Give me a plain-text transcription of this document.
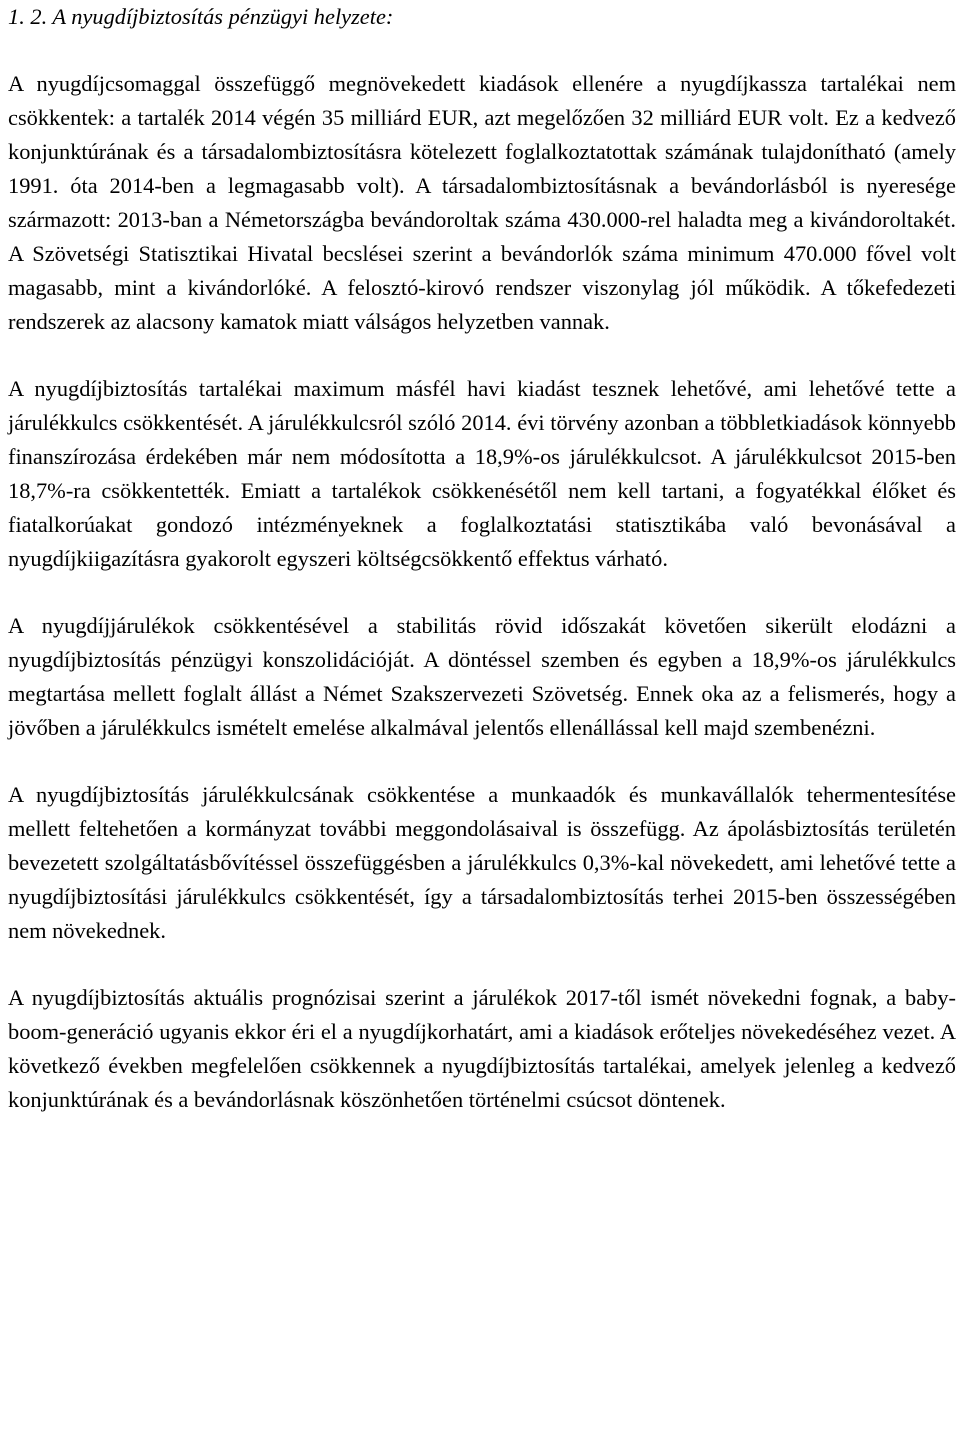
1. 2. A nyugdíjbiztosítás pénzügyi helyzete:

A nyugdíjcsomaggal összefüggő megnövekedett kiadások ellenére a nyugdíjkassza tartalékai nem csökkentek: a tartalék 2014 végén 35 milliárd EUR, azt megelőzően 32 milliárd EUR volt. Ez a kedvező konjunktúrának és a társadalombiztosításra kötelezett foglalkoztatottak számának tulajdonítható (amely 1991. óta 2014-ben a legmagasabb volt). A társadalombiztosításnak a bevándorlásból is nyeresége származott: 2013-ban a Németországba bevándoroltak száma 430.000-rel haladta meg a kivándoroltakét. A Szövetségi Statisztikai Hivatal becslései szerint a bevándorlók száma minimum 470.000 fővel volt magasabb, mint a kivándorlóké. A felosztó-kirovó rendszer viszonylag jól működik. A tőkefedezeti rendszerek az alacsony kamatok miatt válságos helyzetben vannak.

A nyugdíjbiztosítás tartalékai maximum másfél havi kiadást tesznek lehetővé, ami lehetővé tette a járulékkulcs csökkentését. A járulékkulcsról szóló 2014. évi törvény azonban a többletkiadások könnyebb finanszírozása érdekében már nem módosította a 18,9%-os járulékkulcsot. A járulékkulcsot 2015-ben 18,7%-ra csökkentették. Emiatt a tartalékok csökkenésétől nem kell tartani, a fogyatékkal élőket és fiatalkorúakat gondozó intézményeknek a foglalkoztatási statisztikába való bevonásával a nyugdíjkiigazításra gyakorolt egyszeri költségcsökkentő effektus várható.

A nyugdíjjárulékok csökkentésével a stabilitás rövid időszakát követően sikerült elodázni a nyugdíjbiztosítás pénzügyi konszolidációját. A döntéssel szemben és egyben a 18,9%-os járulékkulcs megtartása mellett foglalt állást a Német Szakszervezeti Szövetség. Ennek oka az a felismerés, hogy a jövőben a járulékkulcs ismételt emelése alkalmával jelentős ellenállással kell majd szembenézni.

A nyugdíjbiztosítás járulékkulcsának csökkentése a munkaadók és munkavállalók tehermentesítése mellett feltehetően a kormányzat további meggondolásaival is összefügg. Az ápolásbiztosítás területén bevezetett szolgáltatásbővítéssel összefüggésben a járulékkulcs 0,3%-kal növekedett, ami lehetővé tette a nyugdíjbiztosítási járulékkulcs csökkentését, így a társadalombiztosítás terhei 2015-ben összességében nem növekednek.

A nyugdíjbiztosítás aktuális prognózisai szerint a járulékok 2017-től ismét növekedni fognak, a baby-boom-generáció ugyanis ekkor éri el a nyugdíjkorhatárt, ami a kiadások erőteljes növekedéséhez vezet. A következő években megfelelően csökkennek a nyugdíjbiztosítás tartalékai, amelyek jelenleg a kedvező konjunktúrának és a bevándorlásnak köszönhetően történelmi csúcsot döntenek.
